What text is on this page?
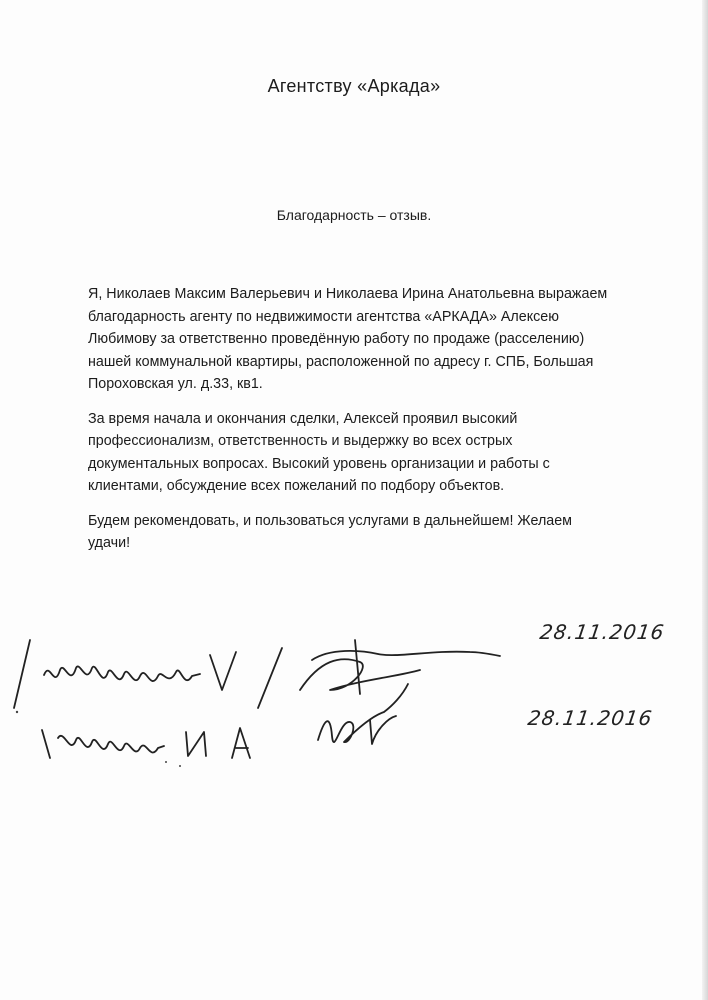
Агентству «Аркада»
Благодарность – отзыв.

Я, Николаев Максим Валерьевич и Николаева Ирина Анатольевна выражаем
благодарность агенту по недвижимости агентства «АРКАДА» Алексею
Любимову за ответственно проведённую работу по продаже (расселению)
нашей коммунальной квартиры, расположенной по адресу г. СПБ, Большая
Пороховская ул. д.33, кв1.

За время начала и окончания сделки, Алексей проявил высокий
профессионализм, ответственность и выдержку во всех острых
документальных вопросах. Высокий уровень организации и работы с
клиентами, обсуждение всех пожеланий по подбору объектов.

Будем рекомендовать, и пользоваться услугами в дальнейшем! Желаем
удачи!

28.11.2016
28.11.2016
